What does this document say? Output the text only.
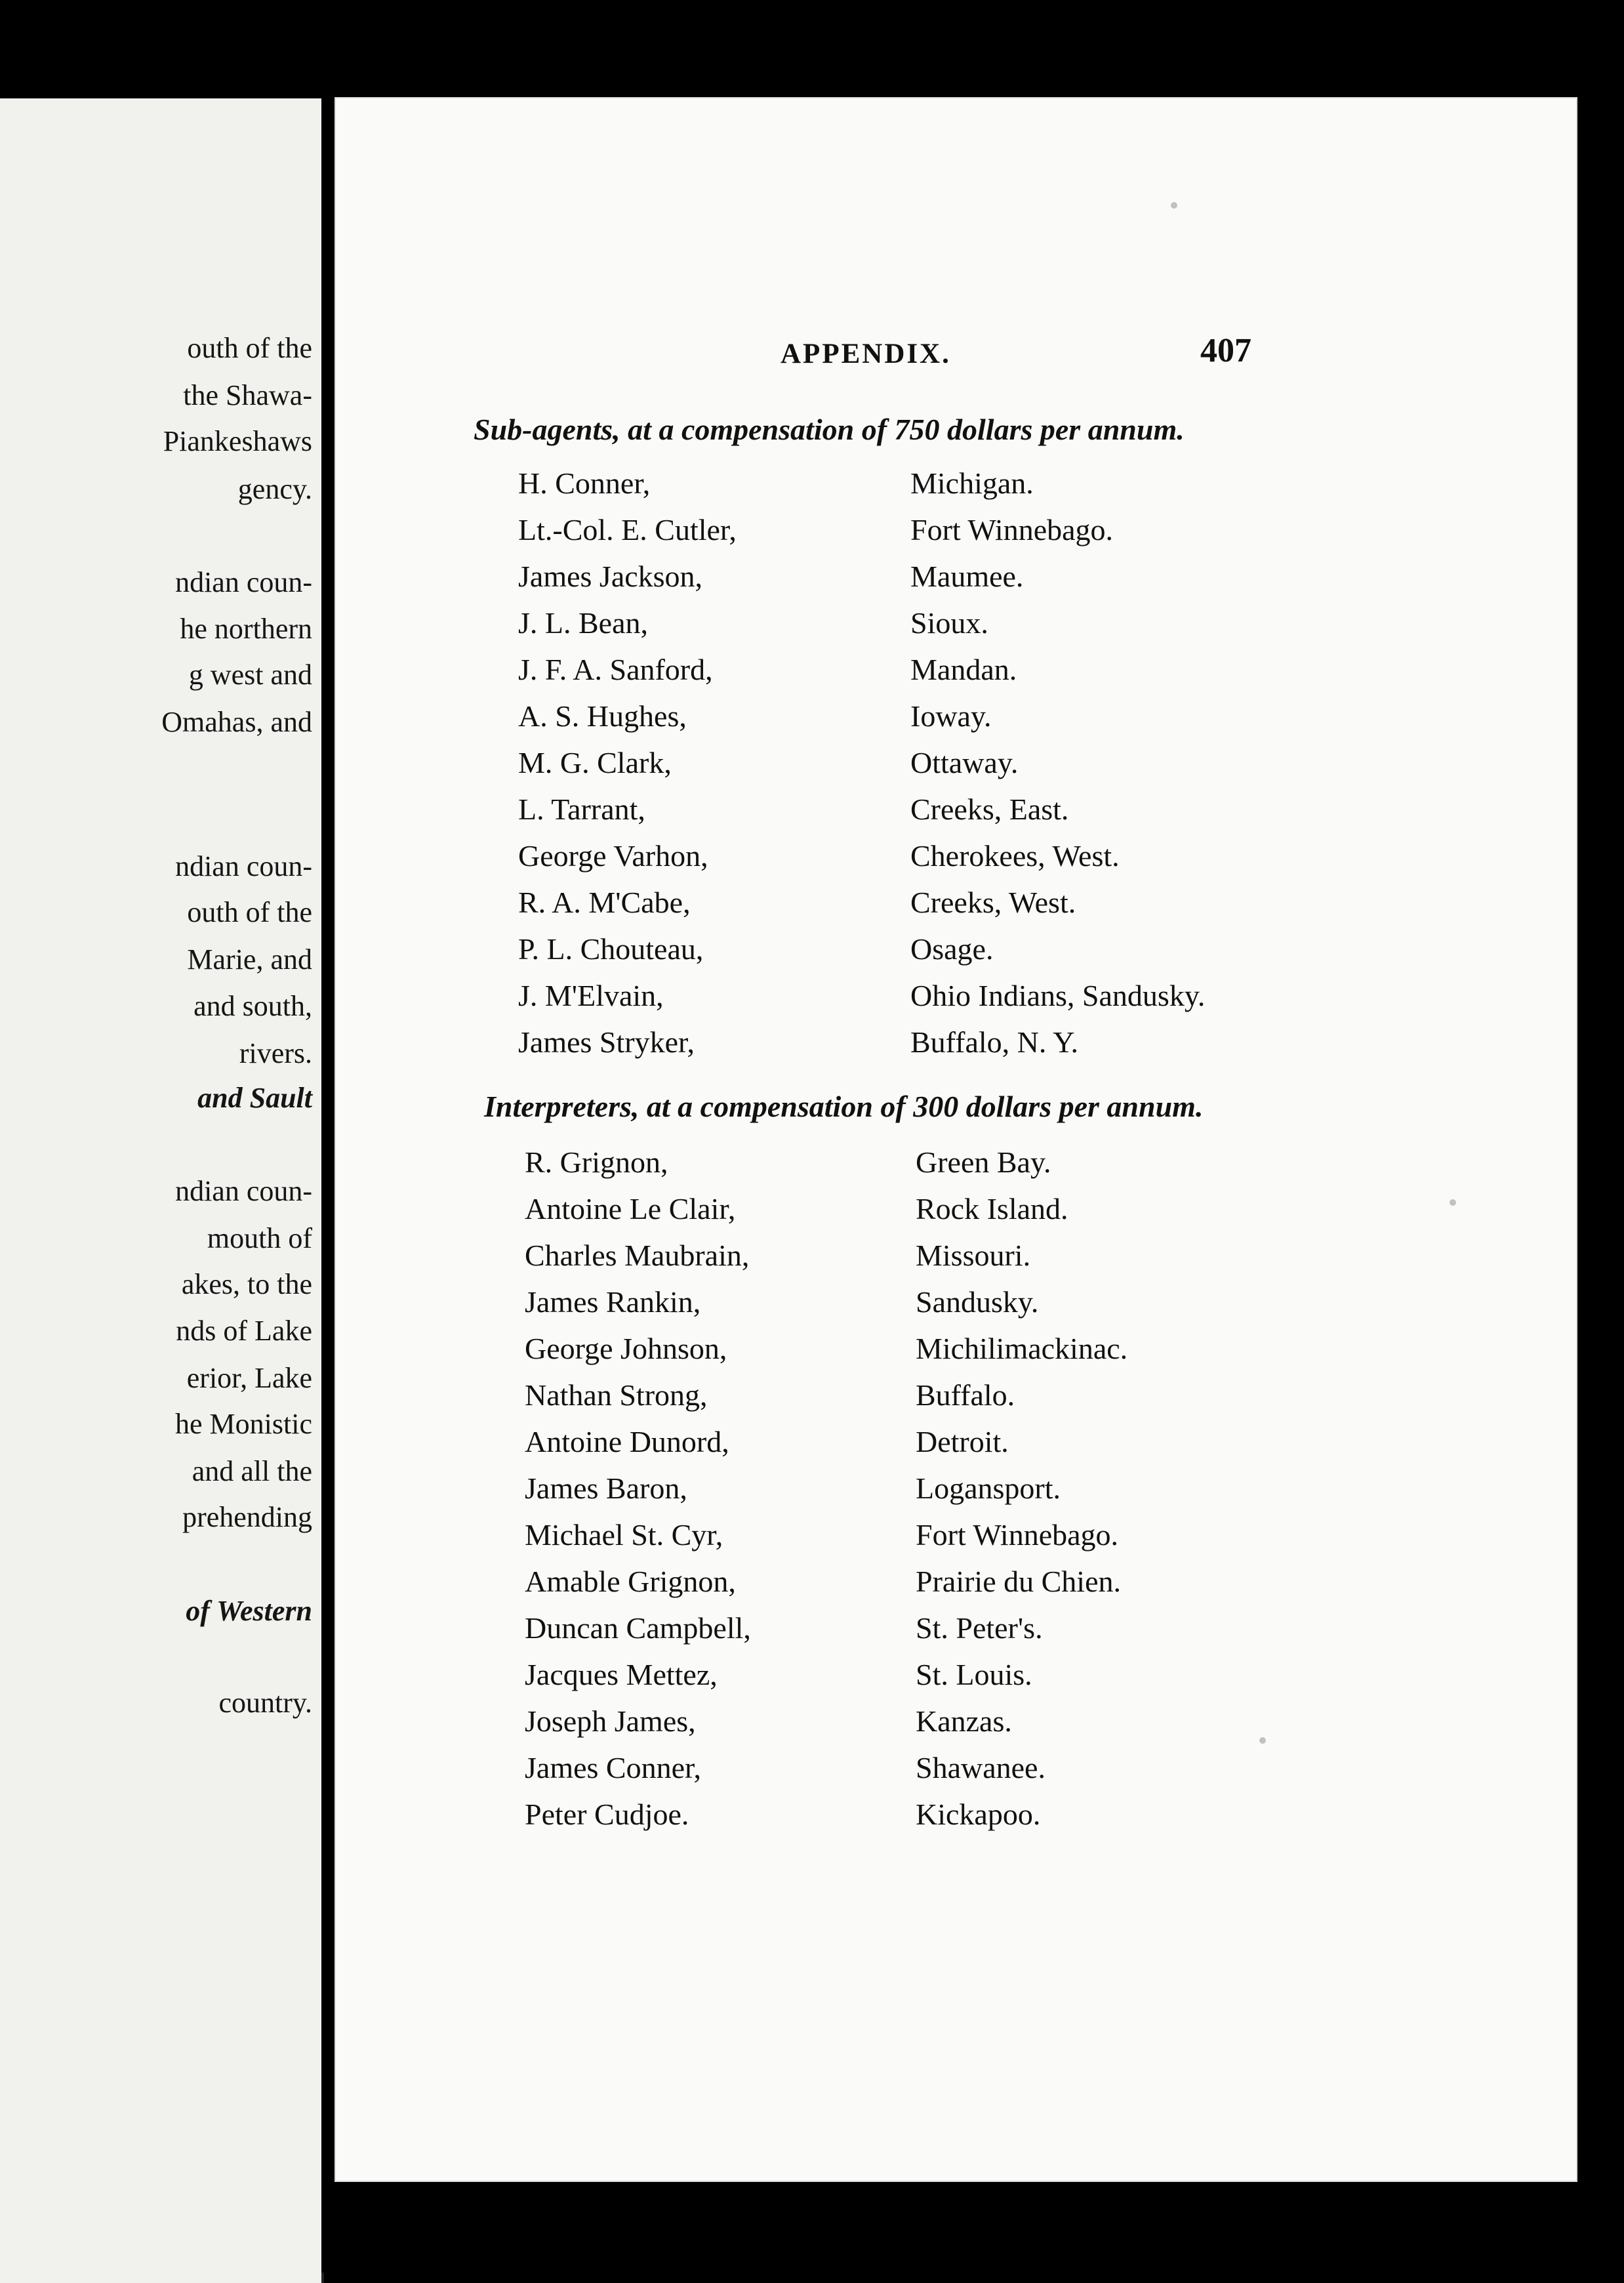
outh of the
the Shawa-
Piankeshaws
gency.
ndian coun-
he northern
g west and
Omahas, and
ndian coun-
outh of the
Marie, and
and south,
rivers.
and Sault
ndian coun-
mouth of
akes, to the
nds of Lake
erior, Lake
he Monistic
and all the
prehending
of Western
country.
APPENDIX.	407
Sub-agents, at a compensation of 750 dollars per annum.
H. Conner,	Michigan.
Lt.-Col. E. Cutler,	Fort Winnebago.
James Jackson,	Maumee.
J. L. Bean,	Sioux.
J. F. A. Sanford,	Mandan.
A. S. Hughes,	Ioway.
M. G. Clark,	Ottaway.
L. Tarrant,	Creeks, East.
George Varhon,	Cherokees, West.
R. A. M'Cabe,	Creeks, West.
P. L. Chouteau,	Osage.
J. M'Elvain,	Ohio Indians, Sandusky.
James Stryker,	Buffalo, N. Y.
Interpreters, at a compensation of 300 dollars per annum.
R. Grignon,	Green Bay.
Antoine Le Clair,	Rock Island.
Charles Maubrain,	Missouri.
James Rankin,	Sandusky.
George Johnson,	Michilimackinac.
Nathan Strong,	Buffalo.
Antoine Dunord,	Detroit.
James Baron,	Logansport.
Michael St. Cyr,	Fort Winnebago.
Amable Grignon,	Prairie du Chien.
Duncan Campbell,	St. Peter's.
Jacques Mettez,	St. Louis.
Joseph James,	Kanzas.
James Conner,	Shawanee.
Peter Cudjoe.	Kickapoo.
